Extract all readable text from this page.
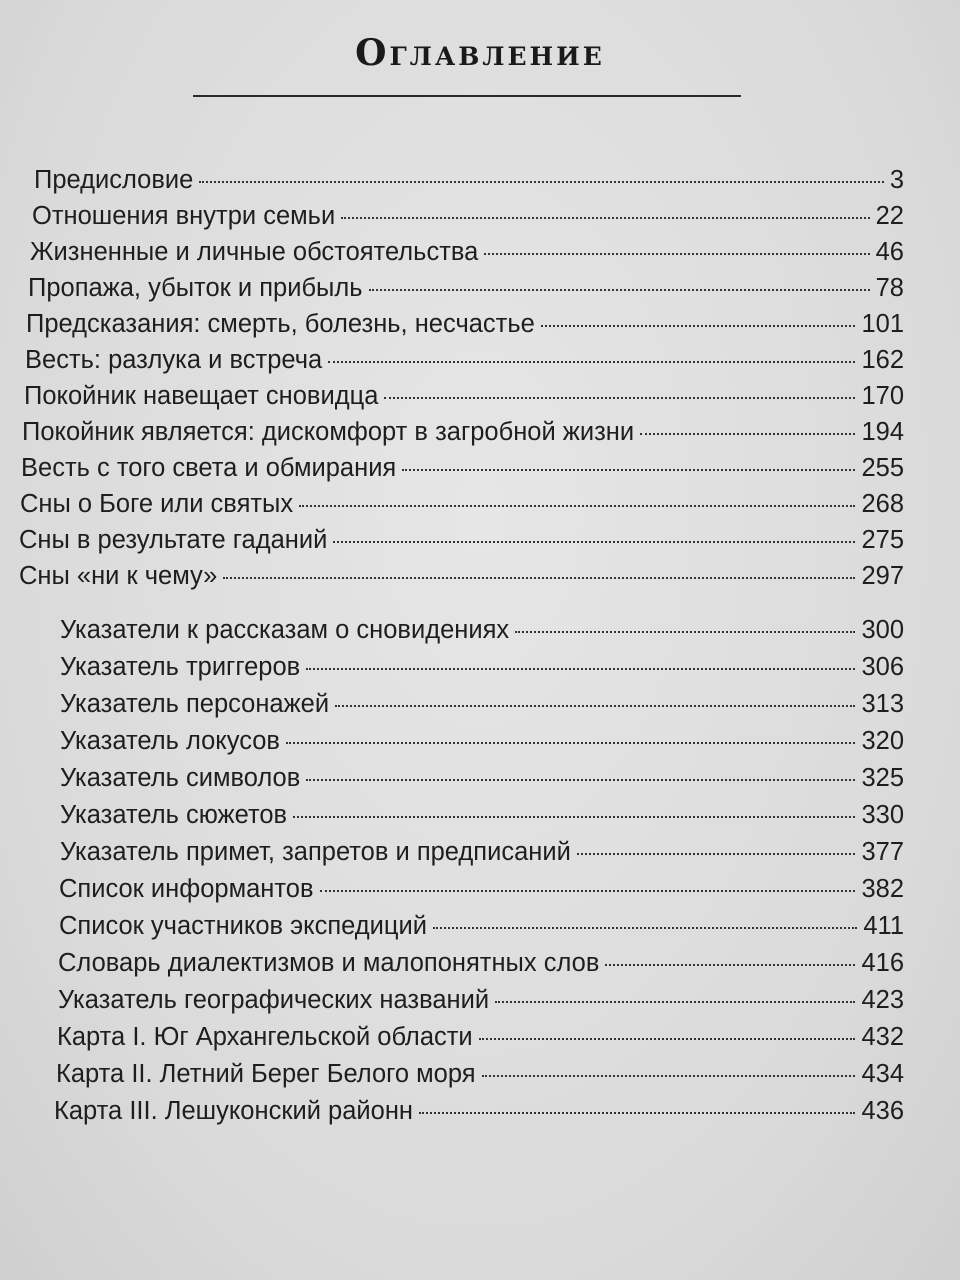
Оглавление
Предисловие	3
Отношения внутри семьи	22
Жизненные и личные обстоятельства	46
Пропажа, убыток и прибыль	78
Предсказания: смерть, болезнь, несчастье	101
Весть: разлука и встреча	162
Покойник навещает сновидца	170
Покойник является: дискомфорт в загробной жизни	194
Весть с того света и обмирания	255
Сны о Боге или святых	268
Сны в результате гаданий	275
Сны «ни к чему»	297
Указатели к рассказам о сновидениях	300
Указатель триггеров	306
Указатель персонажей	313
Указатель локусов	320
Указатель символов	325
Указатель сюжетов	330
Указатель примет, запретов и предписаний	377
Список информантов	382
Список участников экспедиций	411
Словарь диалектизмов и малопонятных слов	416
Указатель географических названий	423
Карта I. Юг Архангельской области	432
Карта II. Летний Берег Белого моря	434
Карта III. Лешуконский районн	436
